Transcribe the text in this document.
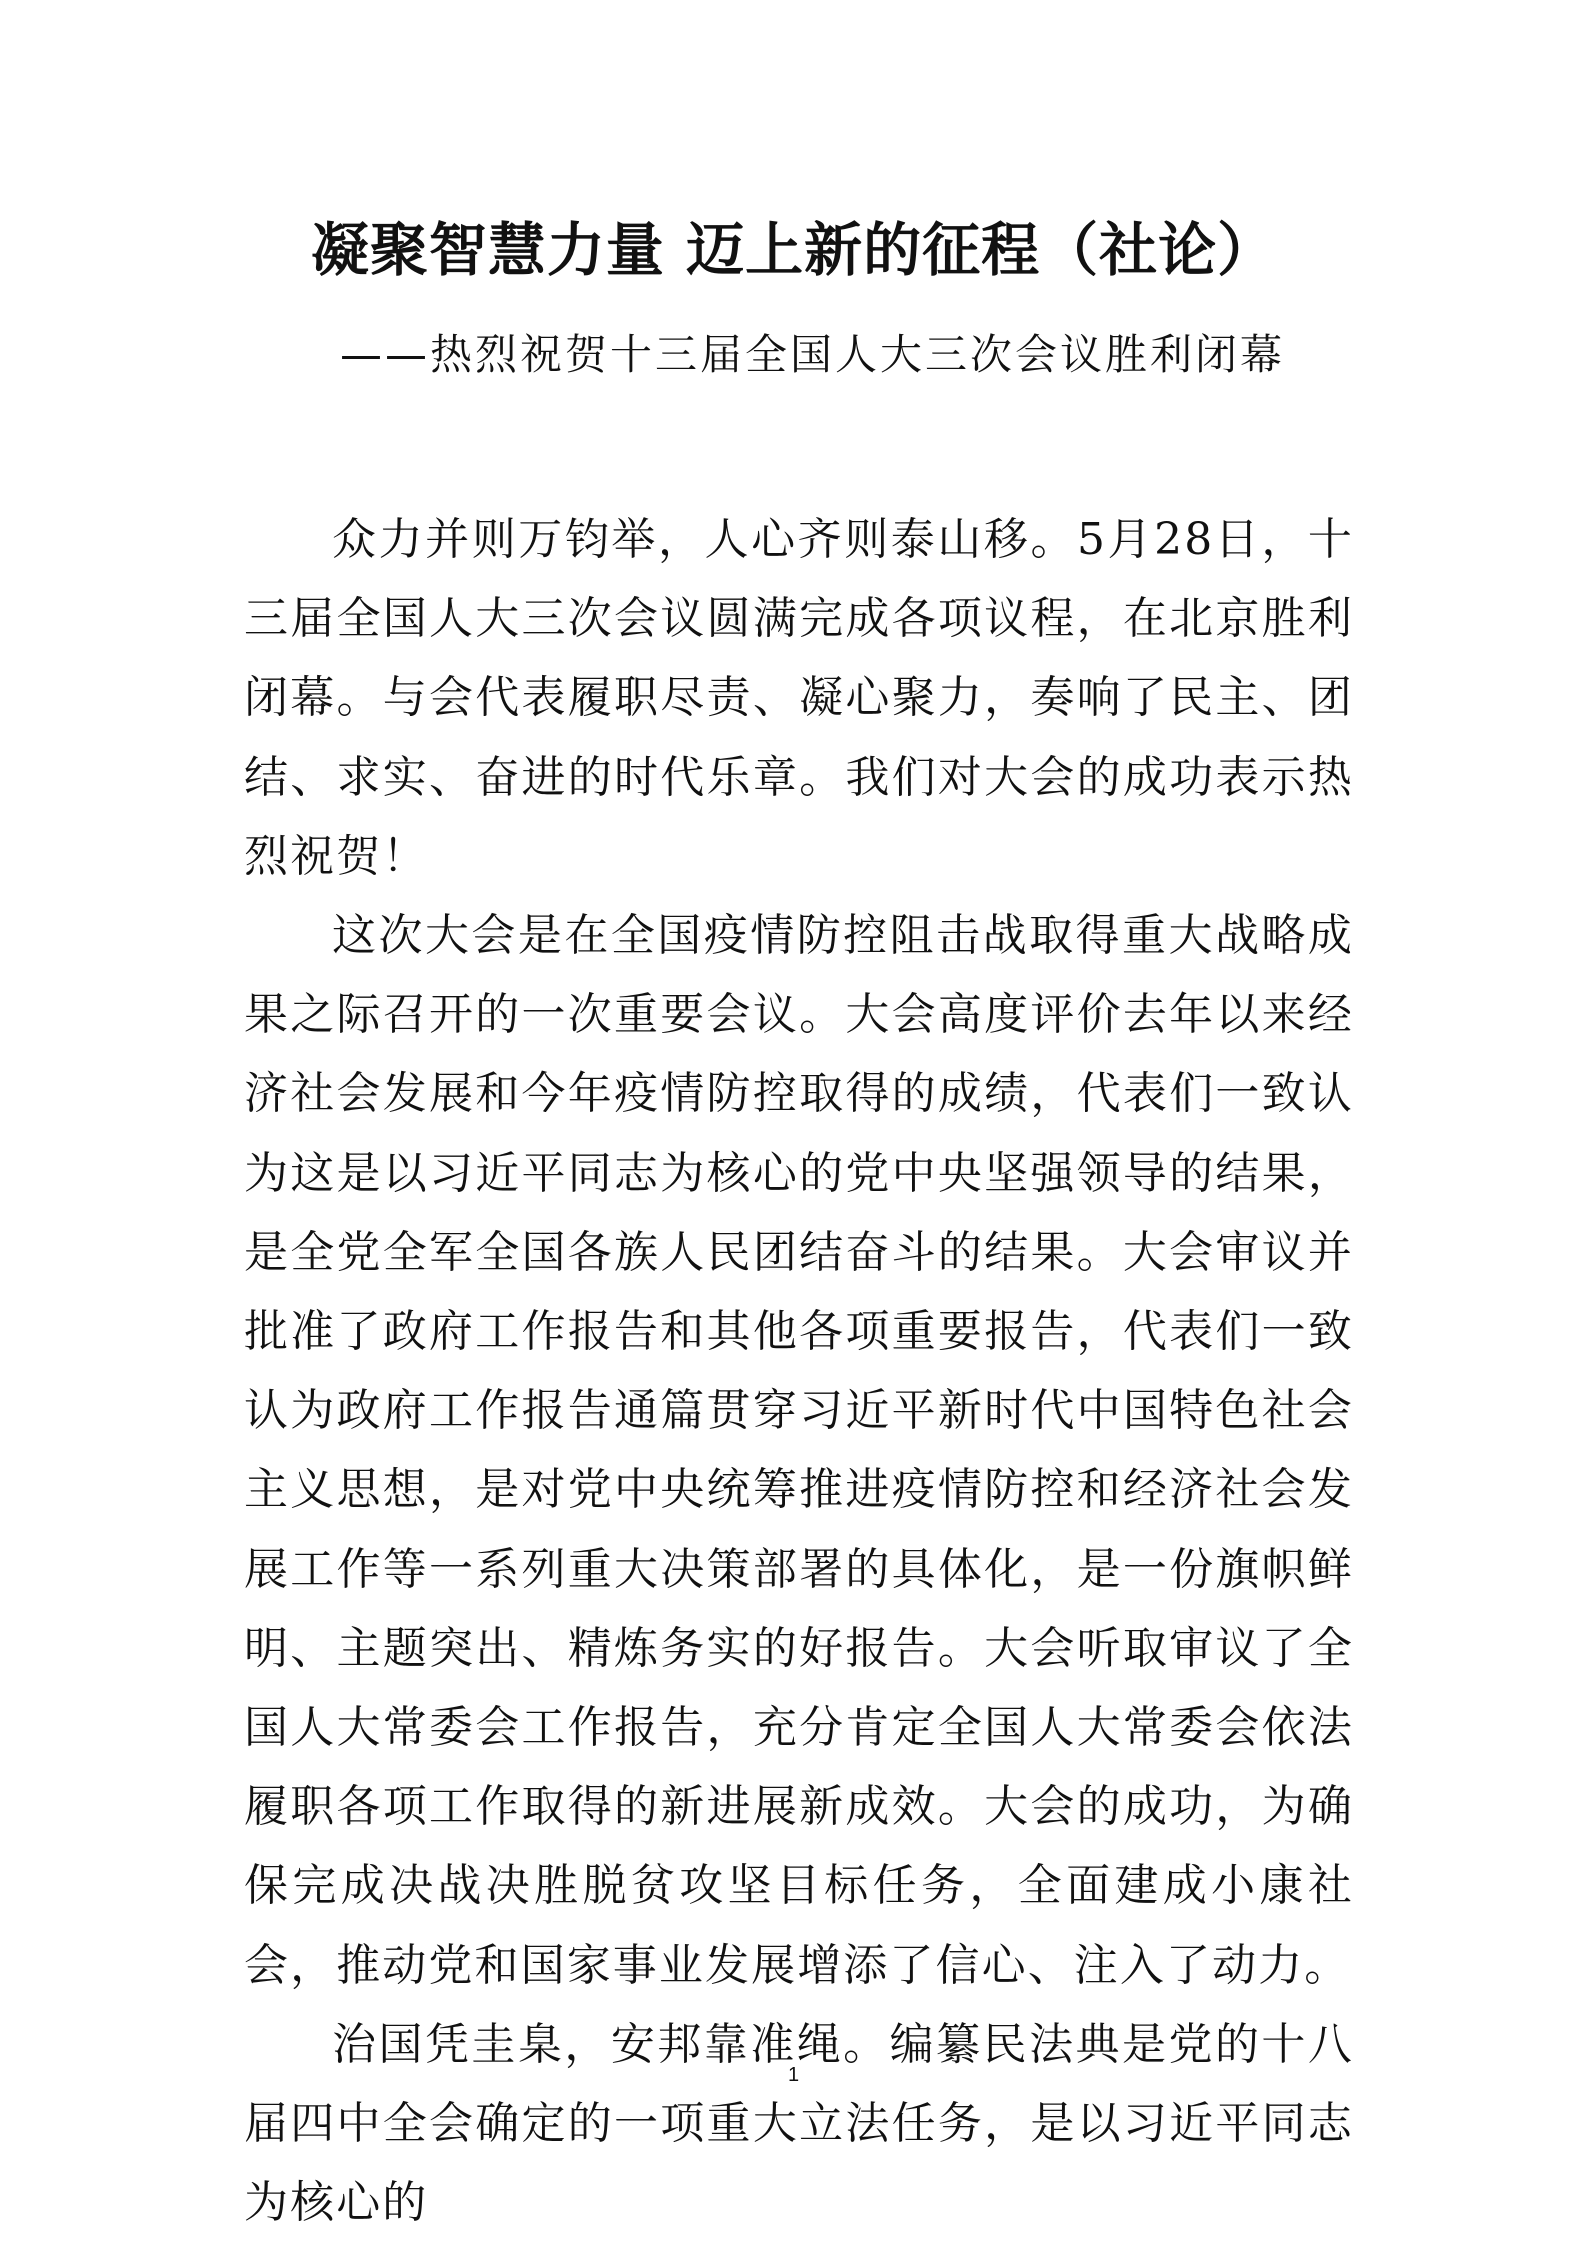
凝聚智慧力量 迈上新的征程（社论）
——热烈祝贺十三届全国人大三次会议胜利闭幕

众力并则万钧举，人心齐则泰山移。5月28日，十三届全国人大三次会议圆满完成各项议程，在北京胜利闭幕。与会代表履职尽责、凝心聚力，奏响了民主、团结、求实、奋进的时代乐章。我们对大会的成功表示热烈祝贺！

这次大会是在全国疫情防控阻击战取得重大战略成果之际召开的一次重要会议。大会高度评价去年以来经济社会发展和今年疫情防控取得的成绩，代表们一致认为这是以习近平同志为核心的党中央坚强领导的结果，是全党全军全国各族人民团结奋斗的结果。大会审议并批准了政府工作报告和其他各项重要报告，代表们一致认为政府工作报告通篇贯穿习近平新时代中国特色社会主义思想，是对党中央统筹推进疫情防控和经济社会发展工作等一系列重大决策部署的具体化，是一份旗帜鲜明、主题突出、精炼务实的好报告。大会听取审议了全国人大常委会工作报告，充分肯定全国人大常委会依法履职各项工作取得的新进展新成效。大会的成功，为确保完成决战决胜脱贫攻坚目标任务，全面建成小康社会，推动党和国家事业发展增添了信心、注入了动力。

治国凭圭臬，安邦靠准绳。编纂民法典是党的十八届四中全会确定的一项重大立法任务，是以习近平同志为核心的

1
